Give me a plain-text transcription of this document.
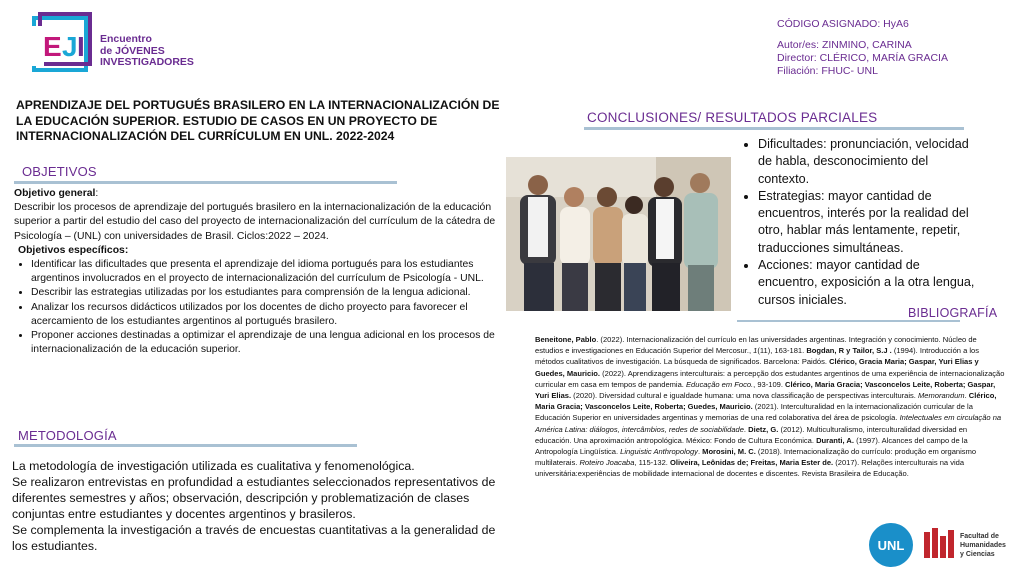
E J I Encuentro
de JÓVENES
INVESTIGADORES
CÓDIGO ASIGNADO: HyA6
Autor/es: ZINMINO, CARINA
Director: CLÉRICO, MARÍA GRACIA
Filiación: FHUC- UNL
APRENDIZAJE DEL PORTUGUÉS BRASILERO EN LA INTERNACIONALIZACIÓN DE LA EDUCACIÓN SUPERIOR. ESTUDIO DE CASOS EN UN PROYECTO DE INTERNACIONALIZACIÓN DEL CURRÍCULUM EN UNL. 2022-2024
OBJETIVOS
Objetivo general:
Describir los procesos de aprendizaje del portugués brasilero en la internacionalización de la educación superior a partir del estudio del caso del proyecto de internacionalización del currículum de la cátedra de Psicología – (UNL) con universidades de Brasil. Ciclos:2022 – 2024.
Objetivos específicos:
• Identificar las dificultades que presenta el aprendizaje del idioma portugués para los estudiantes argentinos involucrados en el proyecto de internacionalización del currículum de Psicología - UNL.
• Describir las estrategias utilizadas por los estudiantes para comprensión de la lengua adicional.
• Analizar los recursos didácticos utilizados por los docentes de dicho proyecto para favorecer el acercamiento de los estudiantes argentinos al portugués brasilero.
• Proponer acciones destinadas a optimizar el aprendizaje de una lengua adicional en los procesos de internacionalización de la educación superior.
METODOLOGÍA
La metodología de investigación utilizada es cualitativa y fenomenológica.
Se realizaron entrevistas en profundidad a estudiantes seleccionados representativos de diferentes semestres y años; observación, descripción y problematización de clases conjuntas entre estudiantes y docentes argentinos y brasileros.
Se complementa la investigación a través de encuestas cuantitativas a la generalidad de los estudiantes.
CONCLUSIONES/ RESULTADOS PARCIALES
• Dificultades: pronunciación, velocidad de habla, desconocimiento del contexto.
• Estrategias: mayor cantidad de encuentros, interés por la realidad del otro, hablar más lentamente, repetir, traducciones simultáneas.
• Acciones: mayor cantidad de encuentro, exposición a la otra lengua, cursos iniciales.
BIBLIOGRAFÍA
Beneitone, Pablo. (2022). Internacionalización del currículo en las universidades argentinas. Integración y conocimiento. Núcleo de estudios e investigaciones en Educación Superior del Mercosur., 1(11), 163-181. Bogdan, R y Tailor, S.J . (1994). Introducción a los métodos cualitativos de investigación. La búsqueda de significados. Barcelona: Paidós. Clérico, Gracia Maria; Gaspar, Yuri Elias y Guedes, Mauricio. (2022). Aprendizagens interculturais: a percepção dos estudantes argentinos de uma experiência de internacionalização curricular em casa em tempos de pandemia. Educação em Foco., 93-109. Clérico, Maria Gracia; Vasconcelos Leite, Roberta; Gaspar, Yuri Elias. (2020). Diversidad cultural e igualdade humana: uma nova classificação de perspectivas interculturais. Memorandum. Clérico, Maria Gracia; Vasconcelos Leite, Roberta; Guedes, Mauricio. (2021). Interculturalidad en la internacionalización curricular de la Educación Superior en universidades argentinas y memorias de una red colaborativa del área de psicología. Intelectuales em circulação na América Latina: diálogos, intercâmbios, redes de sociabilidade. Dietz, G. (2012). Multiculturalismo, interculturalidad diversidad en educación. Una aproximación antropológica. México: Fondo de Cultura Económica. Duranti, A. (1997). Alcances del campo de la Antropología Lingüística. Linguistic Anthropology. Morosini, M. C. (2018). Internacionalização do currículo: produção em organismo multilaterais. Roteiro Joacaba, 115-132. Oliveira, Leônidas de; Freitas, Maria Ester de. (2017). Relações interculturais na vida universitária:experiências de mobilidade internacional de docentes e discentes. Revista Brasileira de Educação.
UNL
Facultad de
Humanidades
y Ciencias
